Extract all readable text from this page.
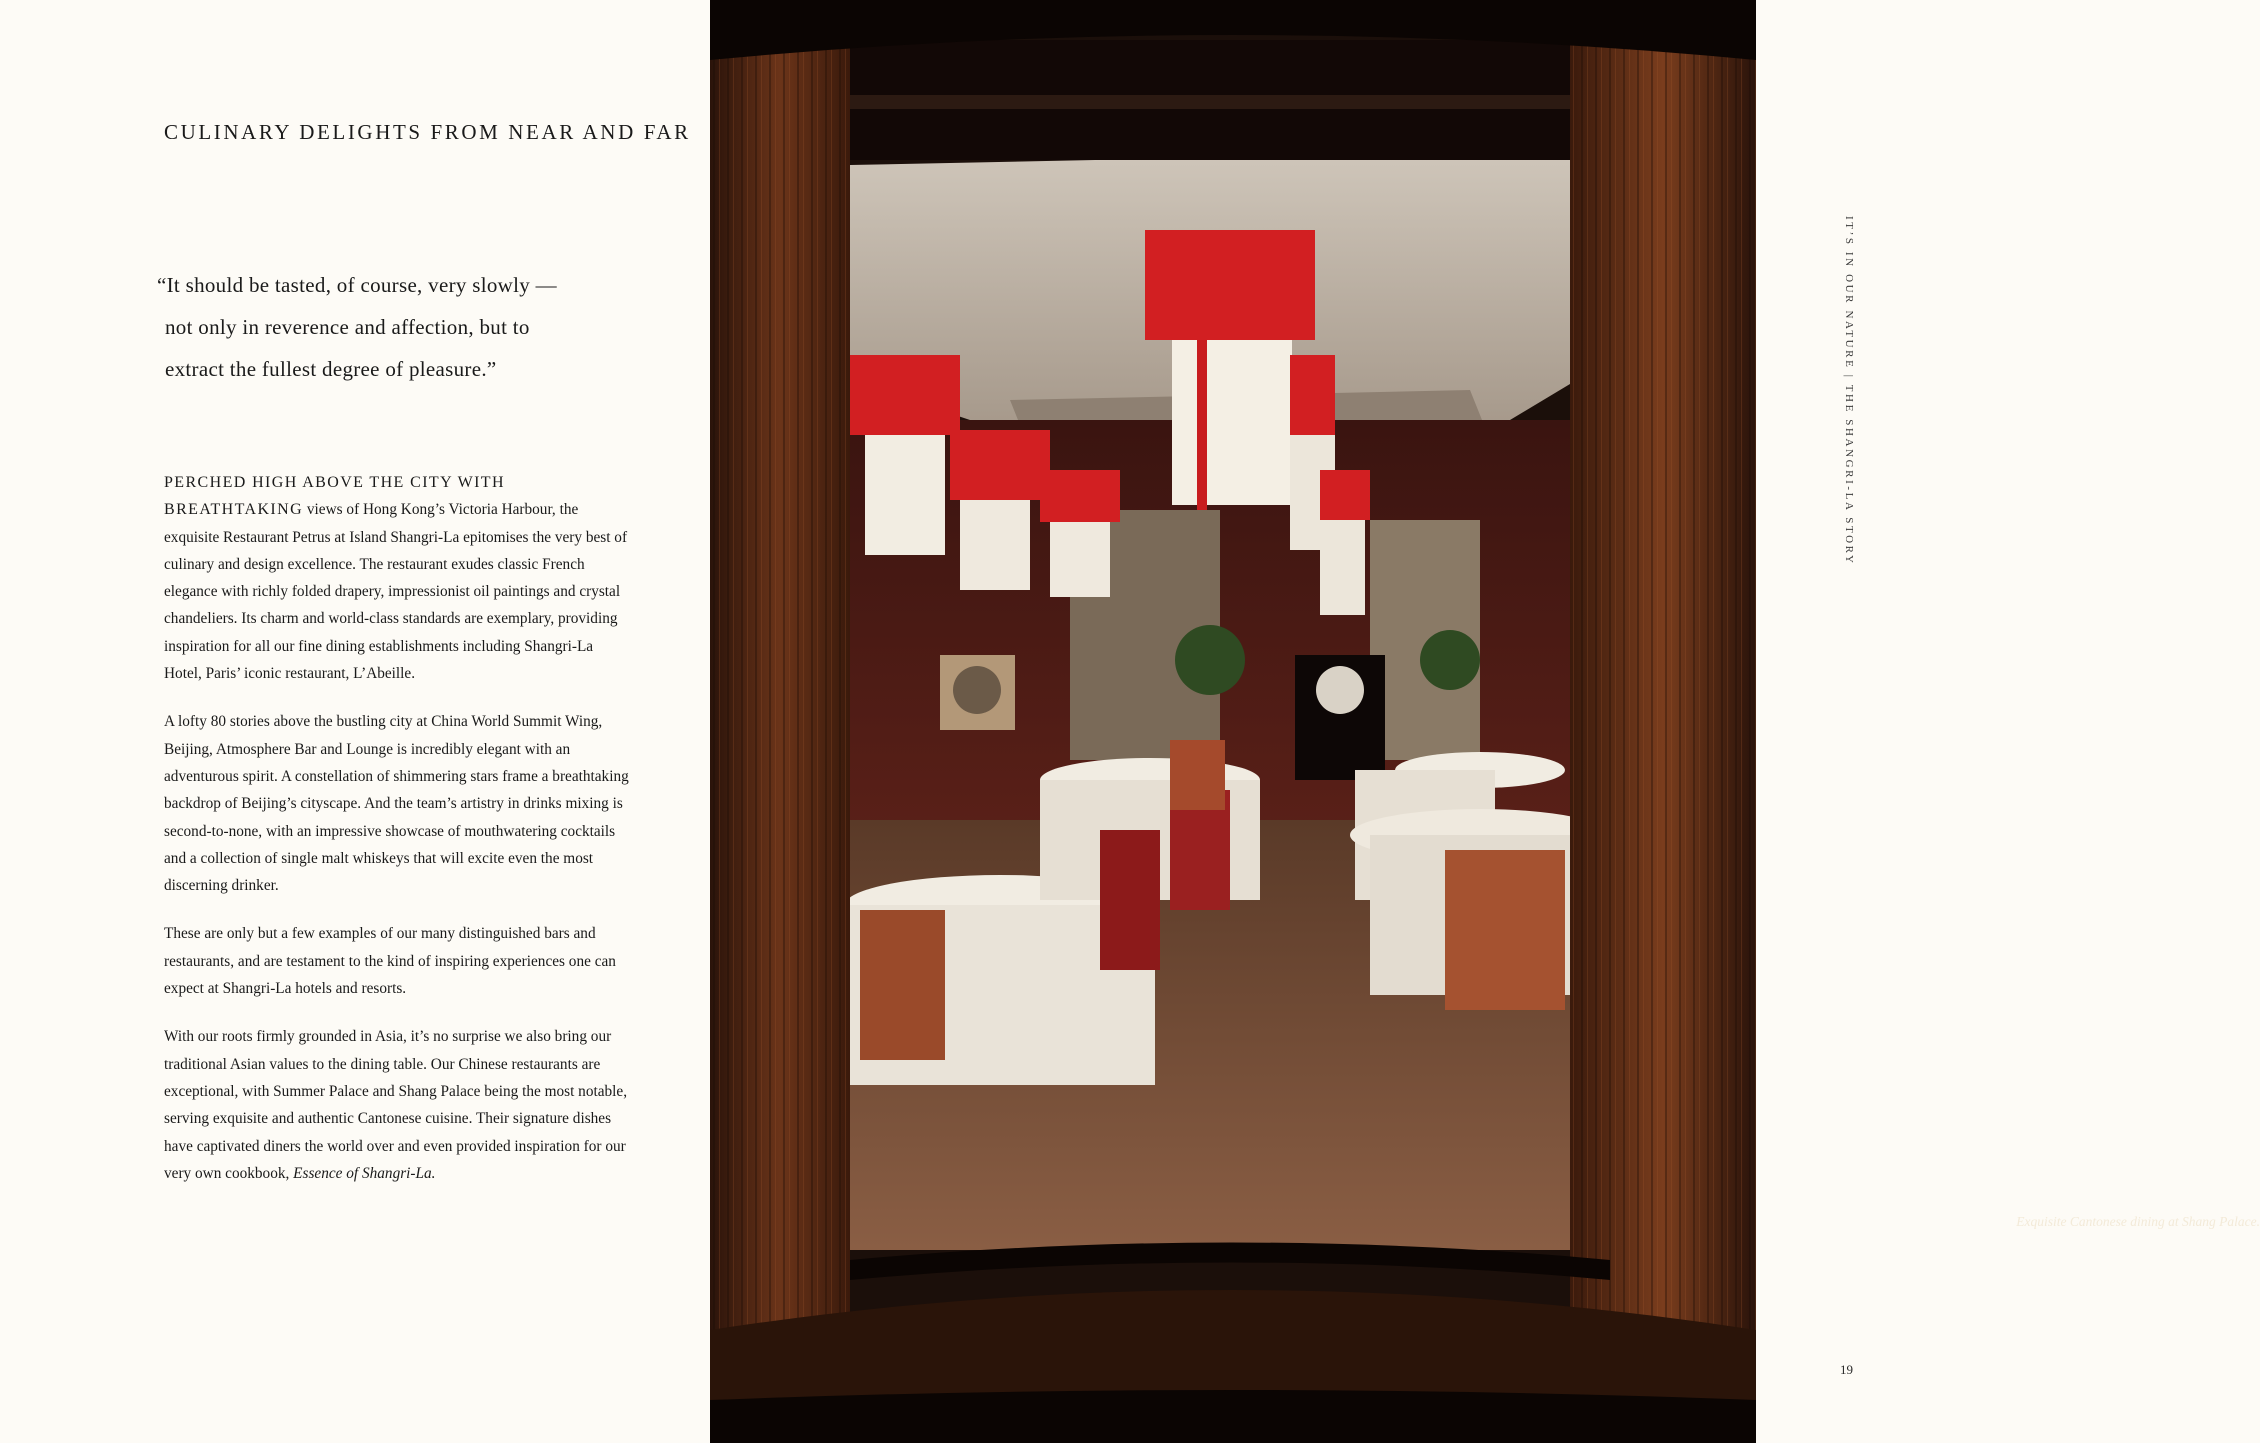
CULINARY DELIGHTS FROM NEAR AND FAR
“It should be tasted, of course, very slowly —
not only in reverence and affection, but to
extract the fullest degree of pleasure.”

PERCHED HIGH ABOVE THE CITY WITH BREATHTAKING views of Hong Kong’s Victoria Harbour, the exquisite Restaurant Petrus at Island Shangri-La epitomises the very best of culinary and design excellence. The restaurant exudes classic French elegance with richly folded drapery, impressionist oil paintings and crystal chandeliers. Its charm and world-class standards are exemplary, providing inspiration for all our fine dining establishments including Shangri-La Hotel, Paris’ iconic restaurant, L’Abeille.

A lofty 80 stories above the bustling city at China World Summit Wing, Beijing, Atmosphere Bar and Lounge is incredibly elegant with an adventurous spirit. A constellation of shimmering stars frame a breathtaking backdrop of Beijing’s cityscape. And the team’s artistry in drinks mixing is second-to-none, with an impressive showcase of mouthwatering cocktails and a collection of single malt whiskeys that will excite even the most discerning drinker.

These are only but a few examples of our many distinguished bars and restaurants, and are testament to the kind of inspiring experiences one can expect at Shangri-La hotels and resorts.

With our roots firmly grounded in Asia, it’s no surprise we also bring our traditional Asian values to the dining table. Our Chinese restaurants are exceptional, with Summer Palace and Shang Palace being the most notable, serving exquisite and authentic Cantonese cuisine. Their signature dishes have captivated diners the world over and even provided inspiration for our very own cookbook, Essence of Shangri-La.

Exquisite Cantonese dining at Shang Palace.
IT’S IN OUR NATURE | THE SHANGRI-LA STORY
19
